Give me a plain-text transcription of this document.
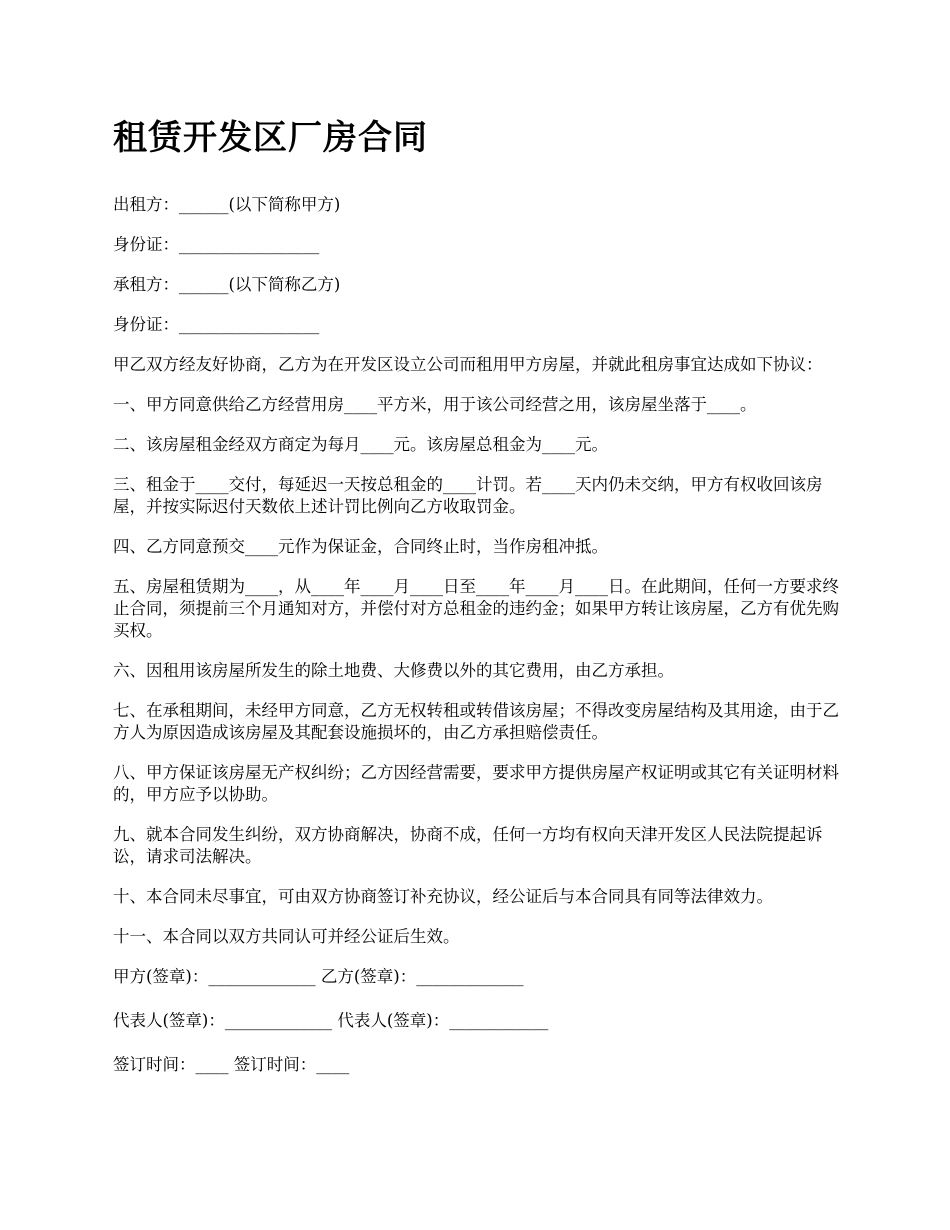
租赁开发区厂房合同

出租方：______(以下简称甲方)

身份证：_________________

承租方：______(以下简称乙方)

身份证：_________________

甲乙双方经友好协商，乙方为在开发区设立公司而租用甲方房屋，并就此租房事宜达成如下协议：

一、甲方同意供给乙方经营用房____平方米，用于该公司经营之用，该房屋坐落于____。

二、该房屋租金经双方商定为每月____元。该房屋总租金为____元。

三、租金于____交付，每延迟一天按总租金的____计罚。若____天内仍未交纳，甲方有权收回该房屋，并按实际迟付天数依上述计罚比例向乙方收取罚金。

四、乙方同意预交____元作为保证金，合同终止时，当作房租冲抵。

五、房屋租赁期为____，从____年____月____日至____年____月____日。在此期间，任何一方要求终止合同，须提前三个月通知对方，并偿付对方总租金的违约金；如果甲方转让该房屋，乙方有优先购买权。

六、因租用该房屋所发生的除土地费、大修费以外的其它费用，由乙方承担。

七、在承租期间，未经甲方同意，乙方无权转租或转借该房屋；不得改变房屋结构及其用途，由于乙方人为原因造成该房屋及其配套设施损坏的，由乙方承担赔偿责任。

八、甲方保证该房屋无产权纠纷；乙方因经营需要，要求甲方提供房屋产权证明或其它有关证明材料的，甲方应予以协助。

九、就本合同发生纠纷，双方协商解决，协商不成，任何一方均有权向天津开发区人民法院提起诉讼，请求司法解决。

十、本合同未尽事宜，可由双方协商签订补充协议，经公证后与本合同具有同等法律效力。

十一、本合同以双方共同认可并经公证后生效。

甲方(签章)：_____________ 乙方(签章)：_____________

代表人(签章)：_____________ 代表人(签章)：____________

签订时间：____ 签订时间：____
